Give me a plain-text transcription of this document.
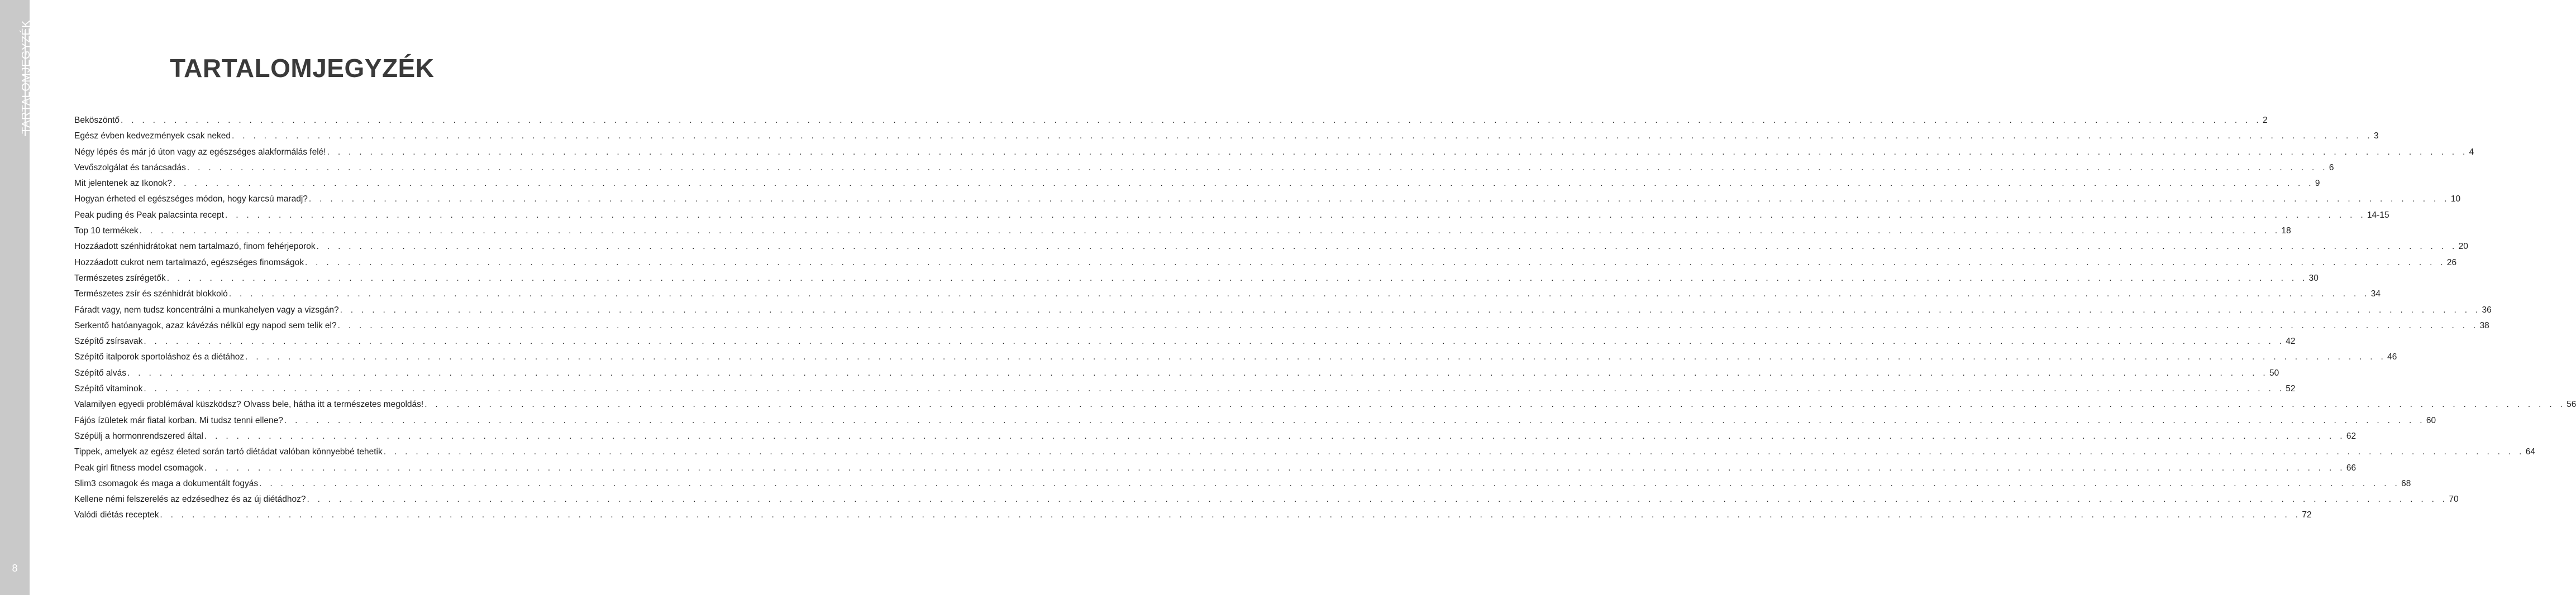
TARTALOMJEGYZÉK
8
TARTALOMJEGYZÉK
Beköszöntő . . . . . . . . . . . . . . . . . . . . . . . . . . . . . . . . . . . . . . . . . . . . . . . . . . . . . . . . . . . . . . . . . . . . . . . . . . . . . . . . . . . . . . . . . . . . . . . . . . . . . . . . . . . . . . . . . . . . . . . . . . . . . . . . . . . . . . . . . . . . . . . . . . . . . . . . . . . . . . . . . . . . . . . . . . . . . . . . . . . . . . . . . . . . . . . . . . . . . . . . 2
Egész évben kedvezmények csak neked . . . . . . . . . . . . . . . . . . . . . . . . . . . . . . . . . . . . . . . . . . . . . . . . . . . . . . . . . . . . . . . . . . . . . . . . . . . . . . . . . . . . . . . . . . . . . . . . . . . . . . . . . . . . . . . . . . . . . . . . . . . . . . . . . . . . . . . . . . . . . . . . . . . . . . . . . . . . . . . . . . . . . . . . . . . . . . . . . . . . . . . . . . . . . . . . . . . . . . . . 3
Négy lépés és már jó úton vagy az egészséges alakformálás felé! . . . . . . . . . . . . . . . . . . . . . . . . . . . . . . . . . . . . . . . . . . . . . . . . . . . . . . . . . . . . . . . . . . . . . . . . . . . . . . . . . . . . . . . . . . . . . . . . . . . . . . . . . . . . . . . . . . . . . . . . . . . . . . . . . . . . . . . . . . . . . . . . . . . . . . . . . . . . . . . . . . . . . . . . . . . . . . . . . . . . . . . . . . . . . . . . . . . . . . . . 4
Vevőszolgálat és tanácsadás . . . . . . . . . . . . . . . . . . . . . . . . . . . . . . . . . . . . . . . . . . . . . . . . . . . . . . . . . . . . . . . . . . . . . . . . . . . . . . . . . . . . . . . . . . . . . . . . . . . . . . . . . . . . . . . . . . . . . . . . . . . . . . . . . . . . . . . . . . . . . . . . . . . . . . . . . . . . . . . . . . . . . . . . . . . . . . . . . . . . . . . . . . . . . . . . . . . . . . . . 6
Mit jelentenek az Ikonok? . . . . . . . . . . . . . . . . . . . . . . . . . . . . . . . . . . . . . . . . . . . . . . . . . . . . . . . . . . . . . . . . . . . . . . . . . . . . . . . . . . . . . . . . . . . . . . . . . . . . . . . . . . . . . . . . . . . . . . . . . . . . . . . . . . . . . . . . . . . . . . . . . . . . . . . . . . . . . . . . . . . . . . . . . . . . . . . . . . . . . . . . . . . . . . . . . . . . . . . . 9
Hogyan érheted el egészséges módon, hogy karcsú maradj? . . . . . . . . . . . . . . . . . . . . . . . . . . . . . . . . . . . . . . . . . . . . . . . . . . . . . . . . . . . . . . . . . . . . . . . . . . . . . . . . . . . . . . . . . . . . . . . . . . . . . . . . . . . . . . . . . . . . . . . . . . . . . . . . . . . . . . . . . . . . . . . . . . . . . . . . . . . . . . . . . . . . . . . . . . . . . . . . . . . . . . . . . . . . . . . . . . . . . . . . 10
Peak puding és Peak palacsinta recept . . . . . . . . . . . . . . . . . . . . . . . . . . . . . . . . . . . . . . . . . . . . . . . . . . . . . . . . . . . . . . . . . . . . . . . . . . . . . . . . . . . . . . . . . . . . . . . . . . . . . . . . . . . . . . . . . . . . . . . . . . . . . . . . . . . . . . . . . . . . . . . . . . . . . . . . . . . . . . . . . . . . . . . . . . . . . . . . . . . . . . . . . . . . . . . . . . . . . . . . 14-15
Top 10 termékek . . . . . . . . . . . . . . . . . . . . . . . . . . . . . . . . . . . . . . . . . . . . . . . . . . . . . . . . . . . . . . . . . . . . . . . . . . . . . . . . . . . . . . . . . . . . . . . . . . . . . . . . . . . . . . . . . . . . . . . . . . . . . . . . . . . . . . . . . . . . . . . . . . . . . . . . . . . . . . . . . . . . . . . . . . . . . . . . . . . . . . . . . . . . . . . . . . . . . . . . 18
Hozzáadott szénhidrátokat nem tartalmazó, finom fehérjeporok . . . . . . . . . . . . . . . . . . . . . . . . . . . . . . . . . . . . . . . . . . . . . . . . . . . . . . . . . . . . . . . . . . . . . . . . . . . . . . . . . . . . . . . . . . . . . . . . . . . . . . . . . . . . . . . . . . . . . . . . . . . . . . . . . . . . . . . . . . . . . . . . . . . . . . . . . . . . . . . . . . . . . . . . . . . . . . . . . . . . . . . . . . . . . . . . . . . . . . . . 20
Hozzáadott cukrot nem tartalmazó, egészséges finomságok . . . . . . . . . . . . . . . . . . . . . . . . . . . . . . . . . . . . . . . . . . . . . . . . . . . . . . . . . . . . . . . . . . . . . . . . . . . . . . . . . . . . . . . . . . . . . . . . . . . . . . . . . . . . . . . . . . . . . . . . . . . . . . . . . . . . . . . . . . . . . . . . . . . . . . . . . . . . . . . . . . . . . . . . . . . . . . . . . . . . . . . . . . . . . . . . . . . . . . . . 26
Természetes zsírégetők . . . . . . . . . . . . . . . . . . . . . . . . . . . . . . . . . . . . . . . . . . . . . . . . . . . . . . . . . . . . . . . . . . . . . . . . . . . . . . . . . . . . . . . . . . . . . . . . . . . . . . . . . . . . . . . . . . . . . . . . . . . . . . . . . . . . . . . . . . . . . . . . . . . . . . . . . . . . . . . . . . . . . . . . . . . . . . . . . . . . . . . . . . . . . . . . . . . . . . . . 30
Természetes zsír és szénhidrát blokkoló . . . . . . . . . . . . . . . . . . . . . . . . . . . . . . . . . . . . . . . . . . . . . . . . . . . . . . . . . . . . . . . . . . . . . . . . . . . . . . . . . . . . . . . . . . . . . . . . . . . . . . . . . . . . . . . . . . . . . . . . . . . . . . . . . . . . . . . . . . . . . . . . . . . . . . . . . . . . . . . . . . . . . . . . . . . . . . . . . . . . . . . . . . . . . . . . . . . . . . . . 34
Fáradt vagy, nem tudsz koncentrálni a munkahelyen vagy a vizsgán? . . . . . . . . . . . . . . . . . . . . . . . . . . . . . . . . . . . . . . . . . . . . . . . . . . . . . . . . . . . . . . . . . . . . . . . . . . . . . . . . . . . . . . . . . . . . . . . . . . . . . . . . . . . . . . . . . . . . . . . . . . . . . . . . . . . . . . . . . . . . . . . . . . . . . . . . . . . . . . . . . . . . . . . . . . . . . . . . . . . . . . . . . . . . . . . . . . . . . . . . 36
Serkentő hatóanyagok, azaz kávézás nélkül egy napod sem telik el? . . . . . . . . . . . . . . . . . . . . . . . . . . . . . . . . . . . . . . . . . . . . . . . . . . . . . . . . . . . . . . . . . . . . . . . . . . . . . . . . . . . . . . . . . . . . . . . . . . . . . . . . . . . . . . . . . . . . . . . . . . . . . . . . . . . . . . . . . . . . . . . . . . . . . . . . . . . . . . . . . . . . . . . . . . . . . . . . . . . . . . . . . . . . . . . . . . . . . . . . 38
Szépítő zsírsavak . . . . . . . . . . . . . . . . . . . . . . . . . . . . . . . . . . . . . . . . . . . . . . . . . . . . . . . . . . . . . . . . . . . . . . . . . . . . . . . . . . . . . . . . . . . . . . . . . . . . . . . . . . . . . . . . . . . . . . . . . . . . . . . . . . . . . . . . . . . . . . . . . . . . . . . . . . . . . . . . . . . . . . . . . . . . . . . . . . . . . . . . . . . . . . . . . . . . . . . . 42
Szépítő italporok sportoláshoz és a diétához . . . . . . . . . . . . . . . . . . . . . . . . . . . . . . . . . . . . . . . . . . . . . . . . . . . . . . . . . . . . . . . . . . . . . . . . . . . . . . . . . . . . . . . . . . . . . . . . . . . . . . . . . . . . . . . . . . . . . . . . . . . . . . . . . . . . . . . . . . . . . . . . . . . . . . . . . . . . . . . . . . . . . . . . . . . . . . . . . . . . . . . . . . . . . . . . . . . . . . . . 46
Szépítő alvás . . . . . . . . . . . . . . . . . . . . . . . . . . . . . . . . . . . . . . . . . . . . . . . . . . . . . . . . . . . . . . . . . . . . . . . . . . . . . . . . . . . . . . . . . . . . . . . . . . . . . . . . . . . . . . . . . . . . . . . . . . . . . . . . . . . . . . . . . . . . . . . . . . . . . . . . . . . . . . . . . . . . . . . . . . . . . . . . . . . . . . . . . . . . . . . . . . . . . . . . 50
Szépítő vitaminok . . . . . . . . . . . . . . . . . . . . . . . . . . . . . . . . . . . . . . . . . . . . . . . . . . . . . . . . . . . . . . . . . . . . . . . . . . . . . . . . . . . . . . . . . . . . . . . . . . . . . . . . . . . . . . . . . . . . . . . . . . . . . . . . . . . . . . . . . . . . . . . . . . . . . . . . . . . . . . . . . . . . . . . . . . . . . . . . . . . . . . . . . . . . . . . . . . . . . . . . 52
Valamilyen egyedi problémával küszködsz? Olvass bele, hátha itt a természetes megoldás! . . . . . . . . . . . . . . . . . . . . . . . . . . . . . . . . . . . . . . . . . . . . . . . . . . . . . . . . . . . . . . . . . . . . . . . . . . . . . . . . . . . . . . . . . . . . . . . . . . . . . . . . . . . . . . . . . . . . . . . . . . . . . . . . . . . . . . . . . . . . . . . . . . . . . . . . . . . . . . . . . . . . . . . . . . . . . . . . . . . . . . . . . . . . . . . . . . . . . . . . 56
Fájós ízületek már fiatal korban. Mi tudsz tenni ellene? . . . . . . . . . . . . . . . . . . . . . . . . . . . . . . . . . . . . . . . . . . . . . . . . . . . . . . . . . . . . . . . . . . . . . . . . . . . . . . . . . . . . . . . . . . . . . . . . . . . . . . . . . . . . . . . . . . . . . . . . . . . . . . . . . . . . . . . . . . . . . . . . . . . . . . . . . . . . . . . . . . . . . . . . . . . . . . . . . . . . . . . . . . . . . . . . . . . . . . . . 60
Szépülj a hormonrendszered által . . . . . . . . . . . . . . . . . . . . . . . . . . . . . . . . . . . . . . . . . . . . . . . . . . . . . . . . . . . . . . . . . . . . . . . . . . . . . . . . . . . . . . . . . . . . . . . . . . . . . . . . . . . . . . . . . . . . . . . . . . . . . . . . . . . . . . . . . . . . . . . . . . . . . . . . . . . . . . . . . . . . . . . . . . . . . . . . . . . . . . . . . . . . . . . . . . . . . . . . 62
Tippek, amelyek az egész életed során tartó diétádat valóban könnyebbé tehetik . . . . . . . . . . . . . . . . . . . . . . . . . . . . . . . . . . . . . . . . . . . . . . . . . . . . . . . . . . . . . . . . . . . . . . . . . . . . . . . . . . . . . . . . . . . . . . . . . . . . . . . . . . . . . . . . . . . . . . . . . . . . . . . . . . . . . . . . . . . . . . . . . . . . . . . . . . . . . . . . . . . . . . . . . . . . . . . . . . . . . . . . . . . . . . . . . . . . . . . . 64
Peak girl fitness model csomagok . . . . . . . . . . . . . . . . . . . . . . . . . . . . . . . . . . . . . . . . . . . . . . . . . . . . . . . . . . . . . . . . . . . . . . . . . . . . . . . . . . . . . . . . . . . . . . . . . . . . . . . . . . . . . . . . . . . . . . . . . . . . . . . . . . . . . . . . . . . . . . . . . . . . . . . . . . . . . . . . . . . . . . . . . . . . . . . . . . . . . . . . . . . . . . . . . . . . . . . . 66
Slim3 csomagok és maga a dokumentált fogyás . . . . . . . . . . . . . . . . . . . . . . . . . . . . . . . . . . . . . . . . . . . . . . . . . . . . . . . . . . . . . . . . . . . . . . . . . . . . . . . . . . . . . . . . . . . . . . . . . . . . . . . . . . . . . . . . . . . . . . . . . . . . . . . . . . . . . . . . . . . . . . . . . . . . . . . . . . . . . . . . . . . . . . . . . . . . . . . . . . . . . . . . . . . . . . . . . . . . . . . . 68
Kellene némi felszerelés az edzésedhez és az új diétádhoz? . . . . . . . . . . . . . . . . . . . . . . . . . . . . . . . . . . . . . . . . . . . . . . . . . . . . . . . . . . . . . . . . . . . . . . . . . . . . . . . . . . . . . . . . . . . . . . . . . . . . . . . . . . . . . . . . . . . . . . . . . . . . . . . . . . . . . . . . . . . . . . . . . . . . . . . . . . . . . . . . . . . . . . . . . . . . . . . . . . . . . . . . . . . . . . . . . . . . . . . . 70
Valódi diétás receptek . . . . . . . . . . . . . . . . . . . . . . . . . . . . . . . . . . . . . . . . . . . . . . . . . . . . . . . . . . . . . . . . . . . . . . . . . . . . . . . . . . . . . . . . . . . . . . . . . . . . . . . . . . . . . . . . . . . . . . . . . . . . . . . . . . . . . . . . . . . . . . . . . . . . . . . . . . . . . . . . . . . . . . . . . . . . . . . . . . . . . . . . . . . . . . . . . . . . . . . . 72
